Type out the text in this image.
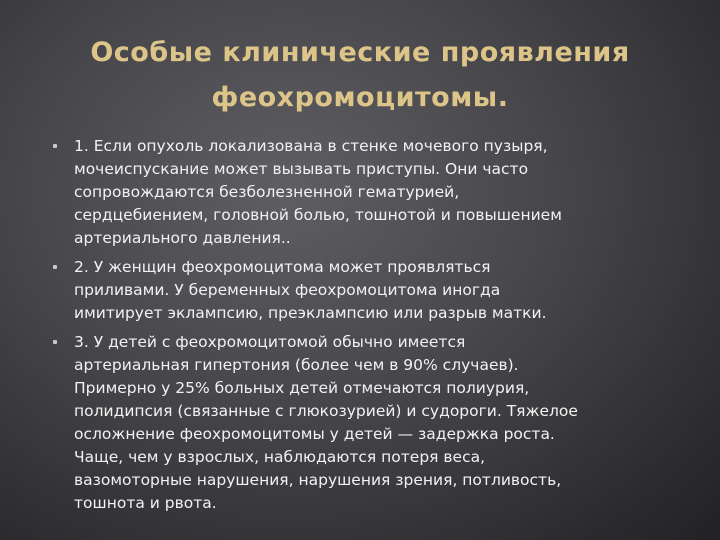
Особые клинические проявления
феохромоцитомы.
1. Если опухоль локализована в стенке мочевого пузыря,
мочеиспускание может вызывать приступы. Они часто
сопровождаются безболезненной гематурией,
сердцебиением, головной болью, тошнотой и повышением
артериального давления..
2. У женщин феохромоцитома может проявляться
приливами. У беременных феохромоцитома иногда
имитирует эклампсию, преэклампсию или разрыв матки.
3. У детей с феохромоцитомой обычно имеется
артериальная гипертония (более чем в 90% случаев).
Примерно у 25% больных детей отмечаются полиурия,
полидипсия (связанные с глюкозурией) и судороги. Тяжелое
осложнение феохромоцитомы у детей — задержка роста.
Чаще, чем у взрослых, наблюдаются потеря веса,
вазомоторные нарушения, нарушения зрения, потливость,
тошнота и рвота.
